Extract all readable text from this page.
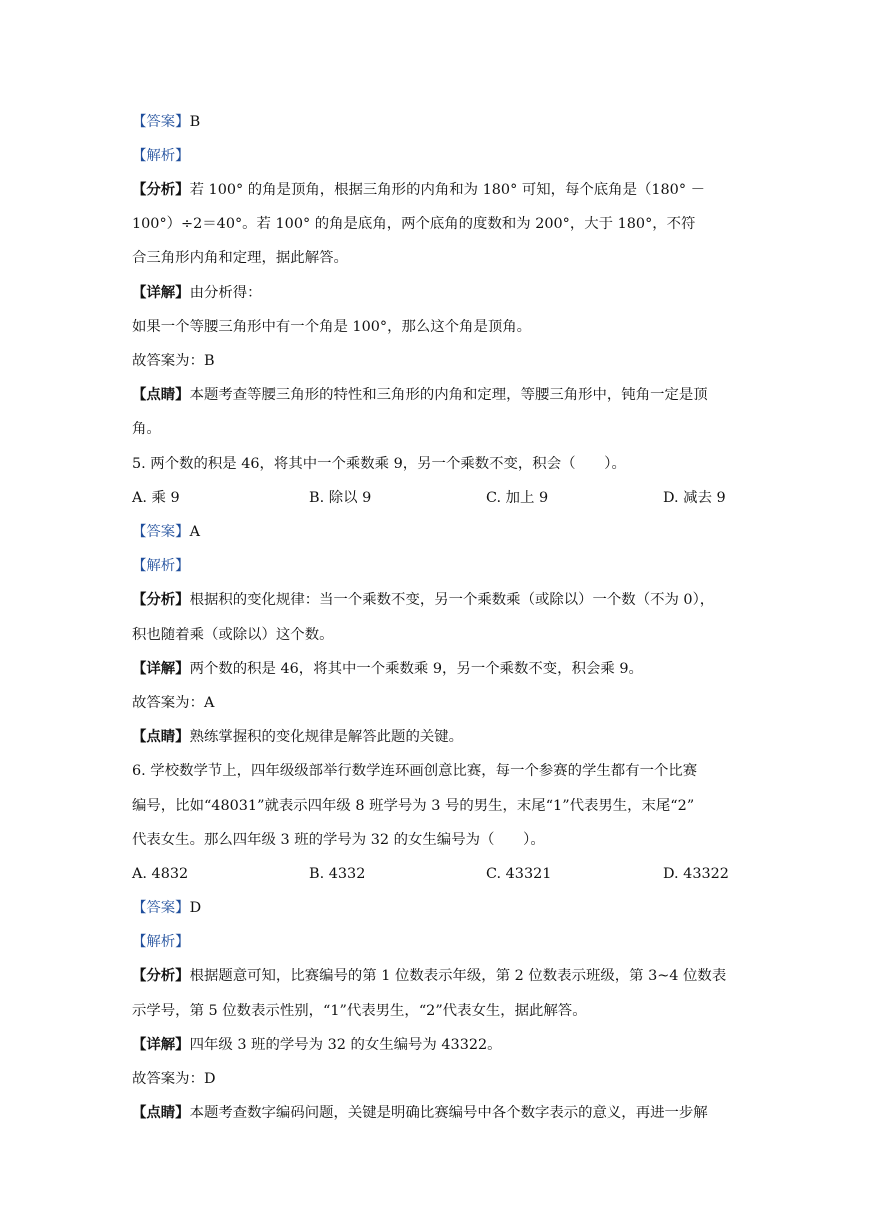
【答案】B
【解析】
【分析】若 100° 的角是顶角，根据三角形的内角和为 180° 可知，每个底角是（180° －
100°）÷2＝40°。若 100° 的角是底角，两个底角的度数和为 200°，大于 180°，不符
合三角形内角和定理，据此解答。
【详解】由分析得：
如果一个等腰三角形中有一个角是 100°，那么这个角是顶角。
故答案为：B
【点睛】本题考查等腰三角形的特性和三角形的内角和定理，等腰三角形中，钝角一定是顶
角。
5. 两个数的积是 46，将其中一个乘数乘 9，另一个乘数不变，积会（　　）。
A. 乘 9	B. 除以 9	C. 加上 9	D. 减去 9
【答案】A
【解析】
【分析】根据积的变化规律：当一个乘数不变，另一个乘数乘（或除以）一个数（不为 0），
积也随着乘（或除以）这个数。
【详解】两个数的积是 46，将其中一个乘数乘 9，另一个乘数不变，积会乘 9。
故答案为：A
【点睛】熟练掌握积的变化规律是解答此题的关键。
6. 学校数学节上，四年级级部举行数学连环画创意比赛，每一个参赛的学生都有一个比赛
编号，比如“48031”就表示四年级 8 班学号为 3 号的男生，末尾“1”代表男生，末尾“2”
代表女生。那么四年级 3 班的学号为 32 的女生编号为（　　）。
A. 4832	B. 4332	C. 43321	D. 43322
【答案】D
【解析】
【分析】根据题意可知，比赛编号的第 1 位数表示年级，第 2 位数表示班级，第 3~4 位数表
示学号，第 5 位数表示性别，“1”代表男生，“2”代表女生，据此解答。
【详解】四年级 3 班的学号为 32 的女生编号为 43322。
故答案为：D
【点睛】本题考查数字编码问题，关键是明确比赛编号中各个数字表示的意义，再进一步解
